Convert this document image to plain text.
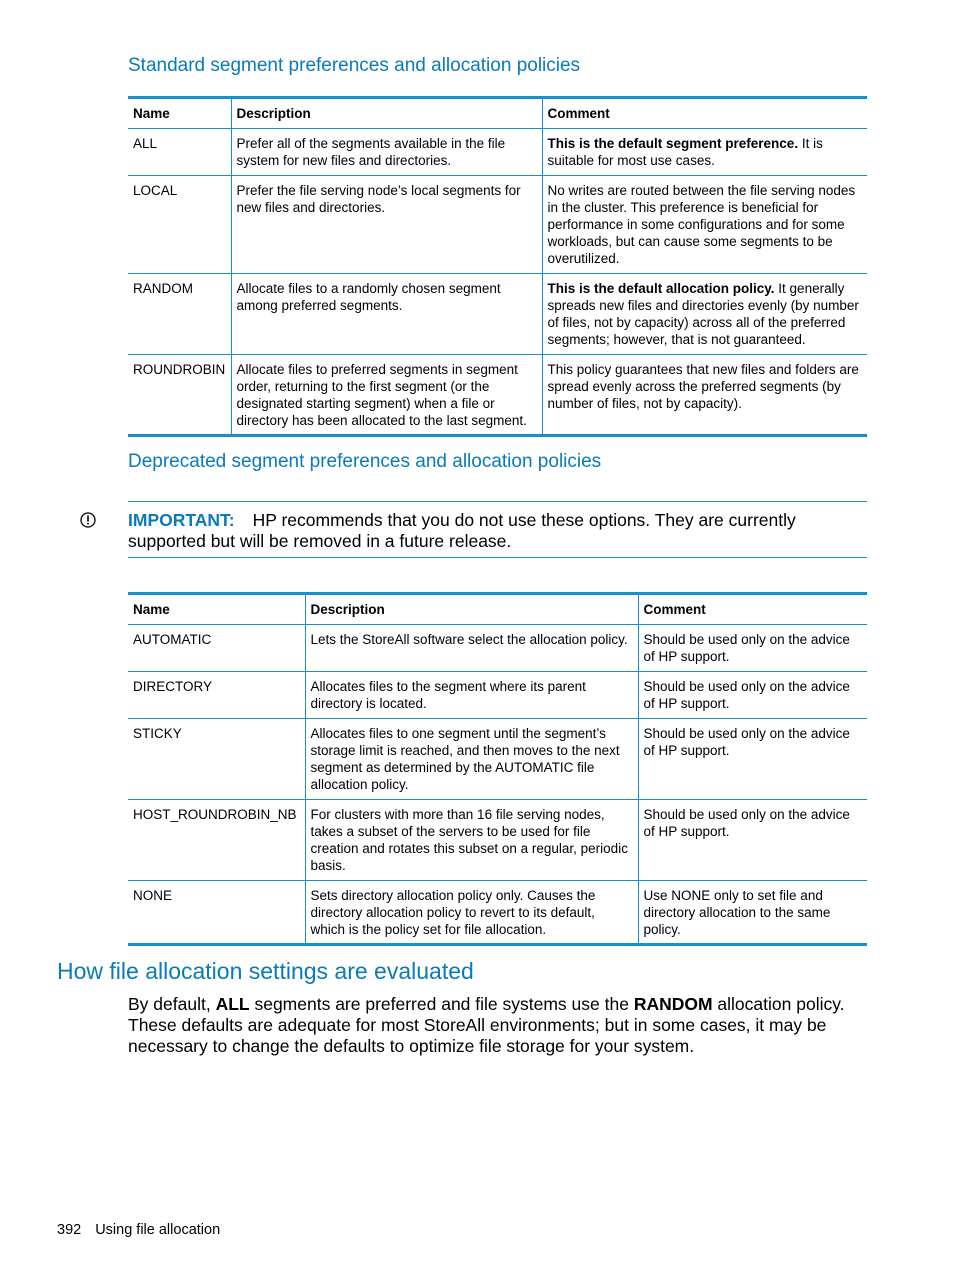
Standard segment preferences and allocation policies
Name	Description	Comment
ALL	Prefer all of the segments available in the file system for new files and directories.	This is the default segment preference. It is suitable for most use cases.
LOCAL	Prefer the file serving node’s local segments for new files and directories.	No writes are routed between the file serving nodes in the cluster. This preference is beneficial for performance in some configurations and for some workloads, but can cause some segments to be overutilized.
RANDOM	Allocate files to a randomly chosen segment among preferred segments.	This is the default allocation policy. It generally spreads new files and directories evenly (by number of files, not by capacity) across all of the preferred segments; however, that is not guaranteed.
ROUNDROBIN	Allocate files to preferred segments in segment order, returning to the first segment (or the designated starting segment) when a file or directory has been allocated to the last segment.	This policy guarantees that new files and folders are spread evenly across the preferred segments (by number of files, not by capacity).
Deprecated segment preferences and allocation policies
IMPORTANT: HP recommends that you do not use these options. They are currently supported but will be removed in a future release.
Name	Description	Comment
AUTOMATIC	Lets the StoreAll software select the allocation policy.	Should be used only on the advice of HP support.
DIRECTORY	Allocates files to the segment where its parent directory is located.	Should be used only on the advice of HP support.
STICKY	Allocates files to one segment until the segment’s storage limit is reached, and then moves to the next segment as determined by the AUTOMATIC file allocation policy.	Should be used only on the advice of HP support.
HOST_ROUNDROBIN_NB	For clusters with more than 16 file serving nodes, takes a subset of the servers to be used for file creation and rotates this subset on a regular, periodic basis.	Should be used only on the advice of HP support.
NONE	Sets directory allocation policy only. Causes the directory allocation policy to revert to its default, which is the policy set for file allocation.	Use NONE only to set file and directory allocation to the same policy.
How file allocation settings are evaluated

By default, ALL segments are preferred and file systems use the RANDOM allocation policy. These defaults are adequate for most StoreAll environments; but in some cases, it may be necessary to change the defaults to optimize file storage for your system.

392 Using file allocation
